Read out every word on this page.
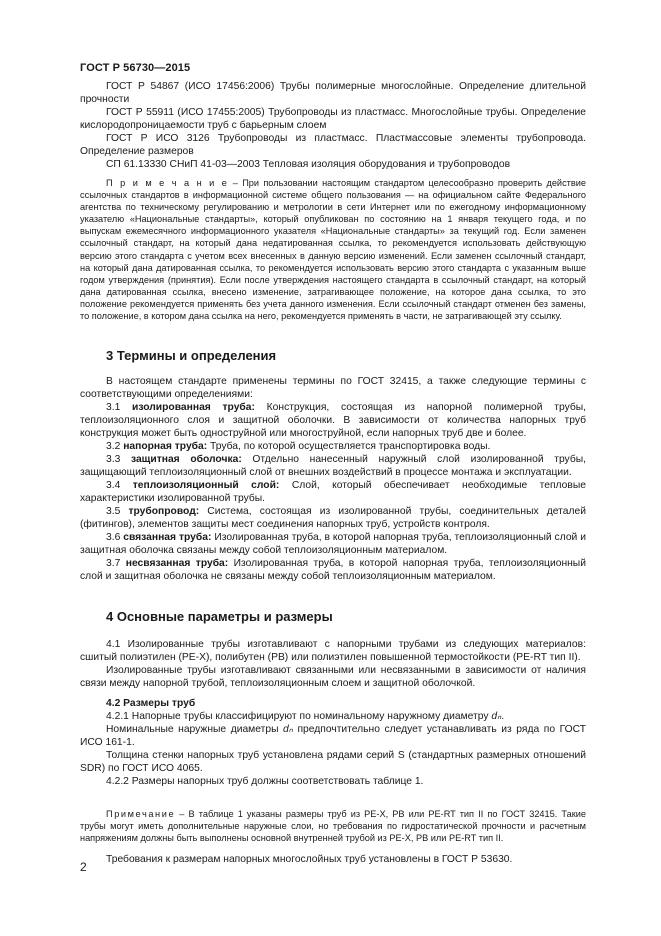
ГОСТ Р 56730—2015

ГОСТ Р 54867 (ИСО 17456:2006) Трубы полимерные многослойные. Определение длительной прочности

ГОСТ Р 55911 (ИСО 17455:2005) Трубопроводы из пластмасс. Многослойные трубы. Определение кислородопроницаемости труб с барьерным слоем

ГОСТ Р ИСО 3126 Трубопроводы из пластмасс. Пластмассовые элементы трубопровода. Определение размеров

СП 61.13330 СНиП 41-03—2003 Тепловая изоляция оборудования и трубопроводов

П р и м е ч а н и е – При пользовании настоящим стандартом целесообразно проверить действие ссылочных стандартов в информационной системе общего пользования — на официальном сайте Федерального агентства по техническому регулированию и метрологии в сети Интернет или по ежегодному информационному указателю «Национальные стандарты», который опубликован по состоянию на 1 января текущего года, и по выпускам ежемесячного информационного указателя «Национальные стандарты» за текущий год. Если заменен ссылочный стандарт, на который дана недатированная ссылка, то рекомендуется использовать действующую версию этого стандарта с учетом всех внесенных в данную версию изменений. Если заменен ссылочный стандарт, на который дана датированная ссылка, то рекомендуется использовать версию этого стандарта с указанным выше годом утверждения (принятия). Если после утверждения настоящего стандарта в ссылочный стандарт, на который дана датированная ссылка, внесено изменение, затрагивающее положение, на которое дана ссылка, то это положение рекомендуется применять без учета данного изменения. Если ссылочный стандарт отменен без замены, то положение, в котором дана ссылка на него, рекомендуется применять в части, не затрагивающей эту ссылку.

3 Термины и определения

В настоящем стандарте применены термины по ГОСТ 32415, а также следующие термины с соответствующими определениями:

3.1 изолированная труба: Конструкция, состоящая из напорной полимерной трубы, теплоизоляционного слоя и защитной оболочки. В зависимости от количества напорных труб конструкция может быть одноструйной или многоструйной, если напорных труб две и более.

3.2 напорная труба: Труба, по которой осуществляется транспортировка воды.

3.3 защитная оболочка: Отдельно нанесенный наружный слой изолированной трубы, защищающий теплоизоляционный слой от внешних воздействий в процессе монтажа и эксплуатации.

3.4 теплоизоляционный слой: Слой, который обеспечивает необходимые тепловые характеристики изолированной трубы.

3.5 трубопровод: Система, состоящая из изолированной трубы, соединительных деталей (фитингов), элементов защиты мест соединения напорных труб, устройств контроля.

3.6 связанная труба: Изолированная труба, в которой напорная труба, теплоизоляционный слой и защитная оболочка связаны между собой теплоизоляционным материалом.

3.7 несвязанная труба: Изолированная труба, в которой напорная труба, теплоизоляционный слой и защитная оболочка не связаны между собой теплоизоляционным материалом.

4 Основные параметры и размеры

4.1 Изолированные трубы изготавливают с напорными трубами из следующих материалов: сшитый полиэтилен (PE-X), полибутен (PB) или полиэтилен повышенной термостойкости (PE-RT тип II).

Изолированные трубы изготавливают связанными или несвязанными в зависимости от наличия связи между напорной трубой, теплоизоляционным слоем и защитной оболочкой.

4.2 Размеры труб

4.2.1 Напорные трубы классифицируют по номинальному наружному диаметру dₙ.

Номинальные наружные диаметры dₙ предпочтительно следует устанавливать из ряда по ГОСТ ИСО 161-1.

Толщина стенки напорных труб установлена рядами серий S (стандартных размерных отношений SDR) по ГОСТ ИСО 4065.

4.2.2 Размеры напорных труб должны соответствовать таблице 1.

Примечание – В таблице 1 указаны размеры труб из PE-X, PB или PE-RT тип II по ГОСТ 32415. Такие трубы могут иметь дополнительные наружные слои, но требования по гидростатической прочности и расчетным напряжениям должны быть выполнены основной внутренней трубой из PE-X, PB или PE-RT тип II.

Требования к размерам напорных многослойных труб установлены в ГОСТ Р 53630.

2
